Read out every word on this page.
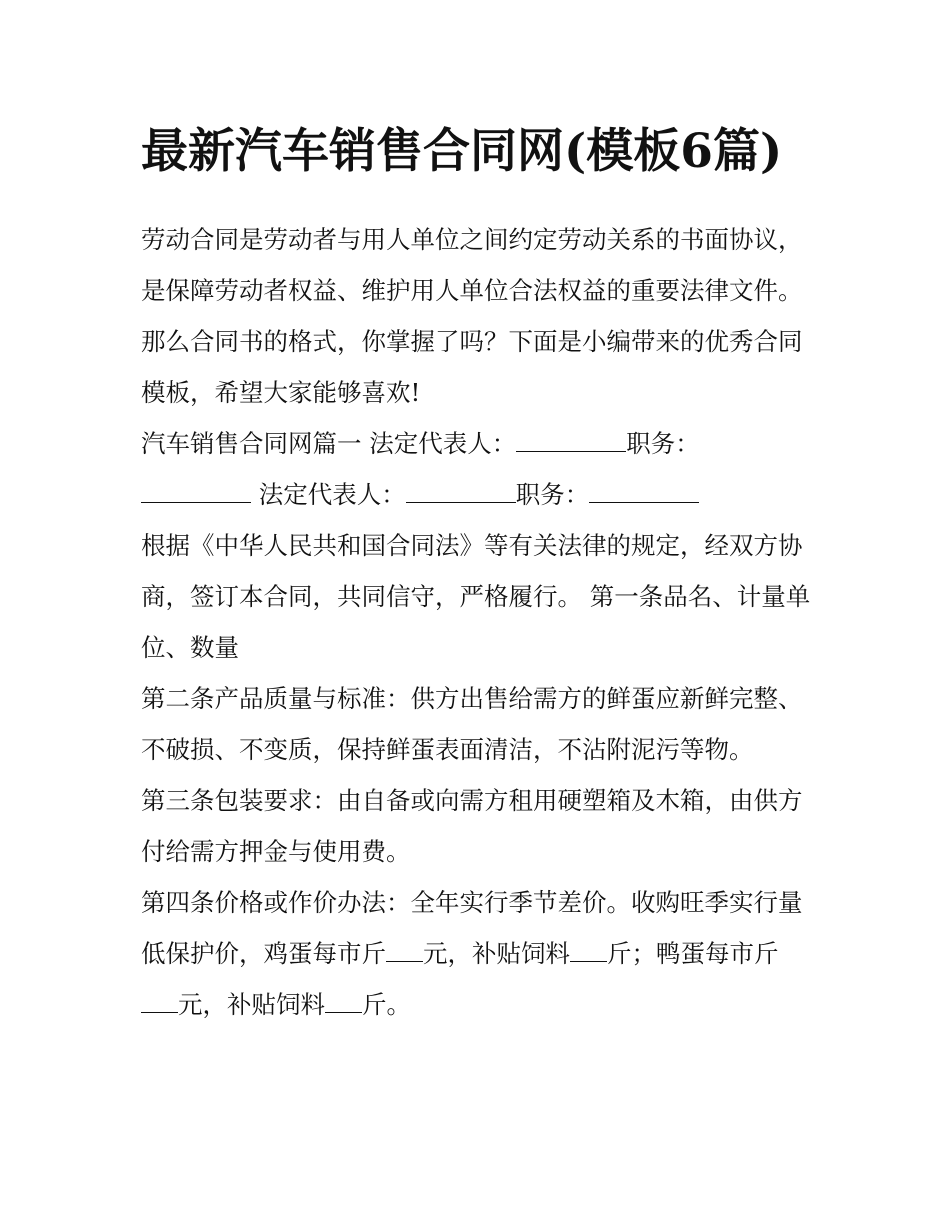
最新汽车销售合同网(模板6篇)

劳动合同是劳动者与用人单位之间约定劳动关系的书面协议，是保障劳动者权益、维护用人单位合法权益的重要法律文件。那么合同书的格式，你掌握了吗？下面是小编带来的优秀合同模板，希望大家能够喜欢!

汽车销售合同网篇一 法定代表人：	职务：
法定代表人：	职务：

根据《中华人民共和国合同法》等有关法律的规定，经双方协商，签订本合同，共同信守，严格履行。 第一条品名、计量单位、数量

第二条产品质量与标准：供方出售给需方的鲜蛋应新鲜完整、不破损、不变质，保持鲜蛋表面清洁，不沾附泥污等物。

第三条包装要求：由自备或向需方租用硬塑箱及木箱，由供方付给需方押金与使用费。

第四条价格或作价办法：全年实行季节差价。收购旺季实行量低保护价，鸡蛋每市斤 元，补贴饲料 斤；鸭蛋每市斤
元，补贴饲料 斤。
